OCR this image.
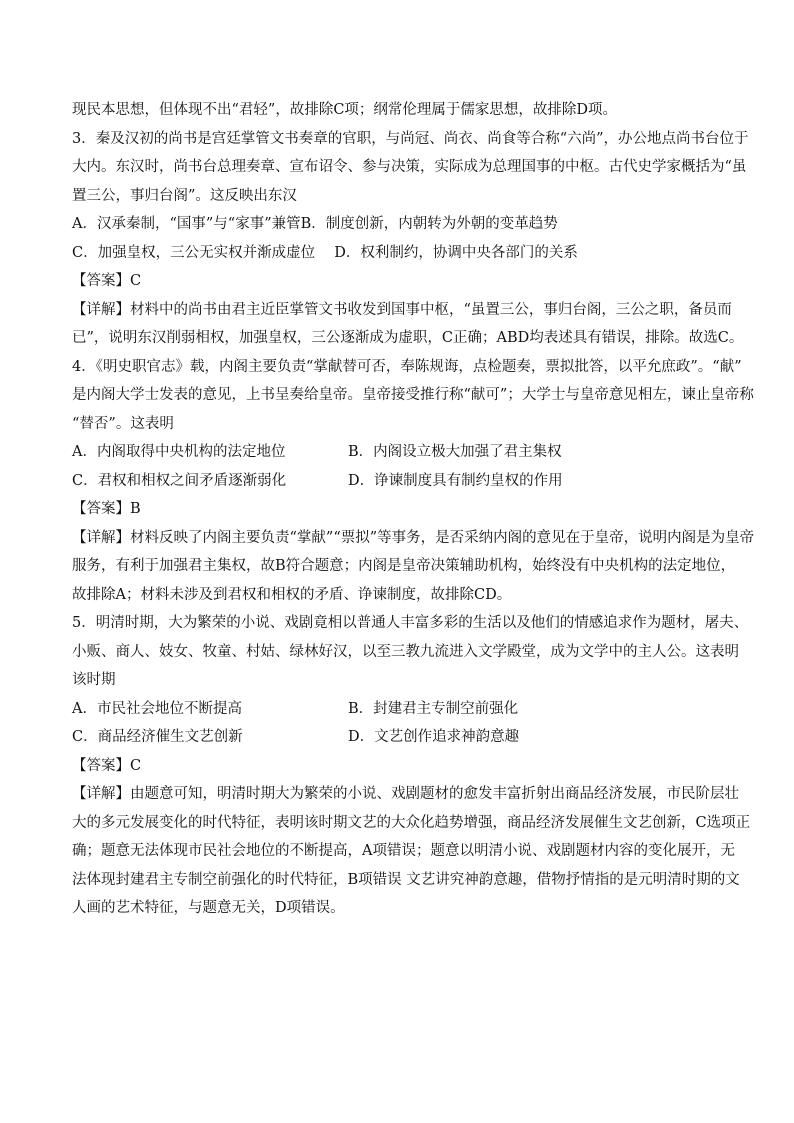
现民本思想，但体现不出“君轻”，故排除C项；纲常伦理属于儒家思想，故排除D项。
3．秦及汉初的尚书是宫廷掌管文书奏章的官职，与尚冠、尚衣、尚食等合称“六尚”，办公地点尚书台位于
大内。东汉时，尚书台总理奏章、宣布诏令、参与决策，实际成为总理国事的中枢。古代史学家概括为“虽
置三公，事归台阁”。这反映出东汉
A．汉承秦制，“国事”与“家事”兼管B．制度创新，内朝转为外朝的变革趋势
C．加强皇权，三公无实权并渐成虚位　 D．权利制约，协调中央各部门的关系
【答案】C
【详解】材料中的尚书由君主近臣掌管文书收发到国事中枢，“虽置三公，事归台阁，三公之职，备员而
已”，说明东汉削弱相权，加强皇权，三公逐渐成为虚职，C正确；ABD均表述具有错误，排除。故选C。
4．《明史职官志》载，内阁主要负责“掌献替可否，奉陈规诲，点检题奏，票拟批答，以平允庶政”。“献”
是内阁大学士发表的意见，上书呈奏给皇帝。皇帝接受推行称“献可”；大学士与皇帝意见相左，谏止皇帝称
“替否”。这表明
A．内阁取得中央机构的法定地位	B．内阁设立极大加强了君主集权
C．君权和相权之间矛盾逐渐弱化	D．诤谏制度具有制约皇权的作用
【答案】B
【详解】材料反映了内阁主要负责“掌献”“票拟”等事务，是否采纳内阁的意见在于皇帝，说明内阁是为皇帝
服务，有利于加强君主集权，故B符合题意；内阁是皇帝决策辅助机构，始终没有中央机构的法定地位，
故排除A；材料未涉及到君权和相权的矛盾、诤谏制度，故排除CD。
5．明清时期，大为繁荣的小说、戏剧竟相以普通人丰富多彩的生活以及他们的情感追求作为题材，屠夫、
小贩、商人、妓女、牧童、村姑、绿林好汉，以至三教九流进入文学殿堂，成为文学中的主人公。这表明
该时期
A．市民社会地位不断提高	B．封建君主专制空前强化
C．商品经济催生文艺创新	D．文艺创作追求神韵意趣
【答案】C
【详解】由题意可知，明清时期大为繁荣的小说、戏剧题材的愈发丰富折射出商品经济发展，市民阶层壮
大的多元发展变化的时代特征，表明该时期文艺的大众化趋势增强，商品经济发展催生文艺创新，C选项正
确；题意无法体现市民社会地位的不断提高，A项错误；题意以明清小说、戏剧题材内容的变化展开，无
法体现封建君主专制空前强化的时代特征，B项错误 文艺讲究神韵意趣，借物抒情指的是元明清时期的文
人画的艺术特征，与题意无关，D项错误。
